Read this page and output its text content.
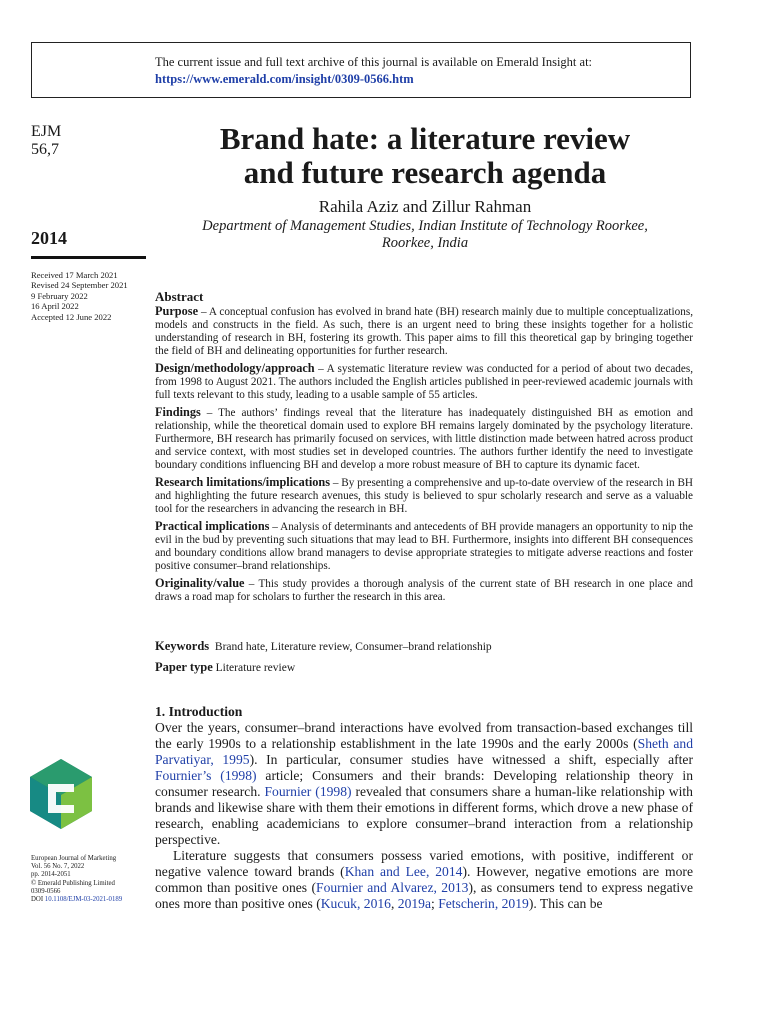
The current issue and full text archive of this journal is available on Emerald Insight at:
https://www.emerald.com/insight/0309-0566.htm
EJM
56,7
2014
Received 17 March 2021
Revised 24 September 2021
9 February 2022
16 April 2022
Accepted 12 June 2022
Brand hate: a literature review
and future research agenda
Rahila Aziz and Zillur Rahman
Department of Management Studies, Indian Institute of Technology Roorkee,
Roorkee, India
Abstract

Purpose – A conceptual confusion has evolved in brand hate (BH) research mainly due to multiple conceptualizations, models and constructs in the field. As such, there is an urgent need to bring these insights together for a holistic understanding of research in BH, fostering its growth. This paper aims to fill this theoretical gap by bringing together the field of BH and delineating opportunities for further research.

Design/methodology/approach – A systematic literature review was conducted for a period of about two decades, from 1998 to August 2021. The authors included the English articles published in peer-reviewed academic journals with full texts relevant to this study, leading to a usable sample of 55 articles.

Findings – The authors’ findings reveal that the literature has inadequately distinguished BH as emotion and relationship, while the theoretical domain used to explore BH remains largely dominated by the psychology literature. Furthermore, BH research has primarily focused on services, with little distinction made between hatred across product and service context, with most studies set in developed countries. The authors further identify the need to investigate boundary conditions influencing BH and develop a more robust measure of BH to capture its dynamic facet.

Research limitations/implications – By presenting a comprehensive and up-to-date overview of the research in BH and highlighting the future research avenues, this study is believed to spur scholarly research and serve as a valuable tool for the researchers in advancing the research in BH.

Practical implications – Analysis of determinants and antecedents of BH provide managers an opportunity to nip the evil in the bud by preventing such situations that may lead to BH. Furthermore, insights into different BH consequences and boundary conditions allow brand managers to devise appropriate strategies to mitigate adverse reactions and foster positive consumer–brand relationships.

Originality/value – This study provides a thorough analysis of the current state of BH research in one place and draws a road map for scholars to further the research in this area.

Keywords Brand hate, Literature review, Consumer–brand relationship
Paper type Literature review
1. Introduction

Over the years, consumer–brand interactions have evolved from transaction-based exchanges till the early 1990s to a relationship establishment in the late 1990s and the early 2000s (Sheth and Parvatiyar, 1995). In particular, consumer studies have witnessed a shift, especially after Fournier’s (1998) article; Consumers and their brands: Developing relationship theory in consumer research. Fournier (1998) revealed that consumers share a human-like relationship with brands and likewise share with them their emotions in different forms, which drove a new phase of research, enabling academicians to explore consumer–brand interaction from a relationship perspective.

Literature suggests that consumers possess varied emotions, with positive, indifferent or negative valence toward brands (Khan and Lee, 2014). However, negative emotions are more common than positive ones (Fournier and Alvarez, 2013), as consumers tend to express negative ones more than positive ones (Kucuk, 2016, 2019a; Fetscherin, 2019). This can be

European Journal of Marketing
Vol. 56 No. 7, 2022
pp. 2014-2051
© Emerald Publishing Limited
0309-0566
DOI 10.1108/EJM-03-2021-0189
